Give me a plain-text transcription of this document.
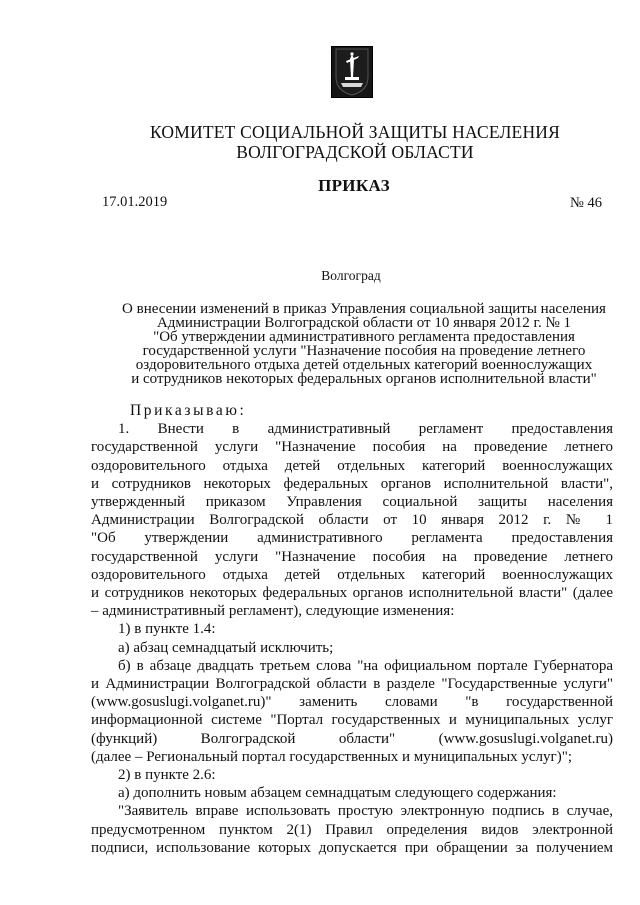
КОМИТЕТ СОЦИАЛЬНОЙ ЗАЩИТЫ НАСЕЛЕНИЯ
ВОЛГОГРАДСКОЙ ОБЛАСТИ
ПРИКАЗ
17.01.2019	№ 46
Волгоград
О внесении изменений в приказ Управления социальной защиты населения
Администрации Волгоградской области от 10 января 2012 г. № 1
"Об утверждении административного регламента предоставления
государственной услуги "Назначение пособия на проведение летнего
оздоровительного отдыха детей отдельных категорий военнослужащих
и сотрудников некоторых федеральных органов исполнительной власти"
Приказываю:
1. Внести в административный регламент предоставления
государственной услуги "Назначение пособия на проведение летнего
оздоровительного отдыха детей отдельных категорий военнослужащих
и сотрудников некоторых федеральных органов исполнительной власти",
утвержденный приказом Управления социальной защиты населения
Администрации Волгоградской области от 10 января 2012 г. № 1
"Об утверждении административного регламента предоставления
государственной услуги "Назначение пособия на проведение летнего
оздоровительного отдыха детей отдельных категорий военнослужащих
и сотрудников некоторых федеральных органов исполнительной власти" (далее
– административный регламент), следующие изменения:
1) в пункте 1.4:
а) абзац семнадцатый исключить;
б) в абзаце двадцать третьем слова "на официальном портале Губернатора
и Администрации Волгоградской области в разделе "Государственные услуги"
(www.gosuslugi.volganet.ru)" заменить словами "в государственной
информационной системе "Портал государственных и муниципальных услуг
(функций) Волгоградской области" (www.gosuslugi.volganet.ru)
(далее – Региональный портал государственных и муниципальных услуг)";
2) в пункте 2.6:
а) дополнить новым абзацем семнадцатым следующего содержания:
"Заявитель вправе использовать простую электронную подпись в случае,
предусмотренном пунктом 2(1) Правил определения видов электронной
подписи, использование которых допускается при обращении за получением
